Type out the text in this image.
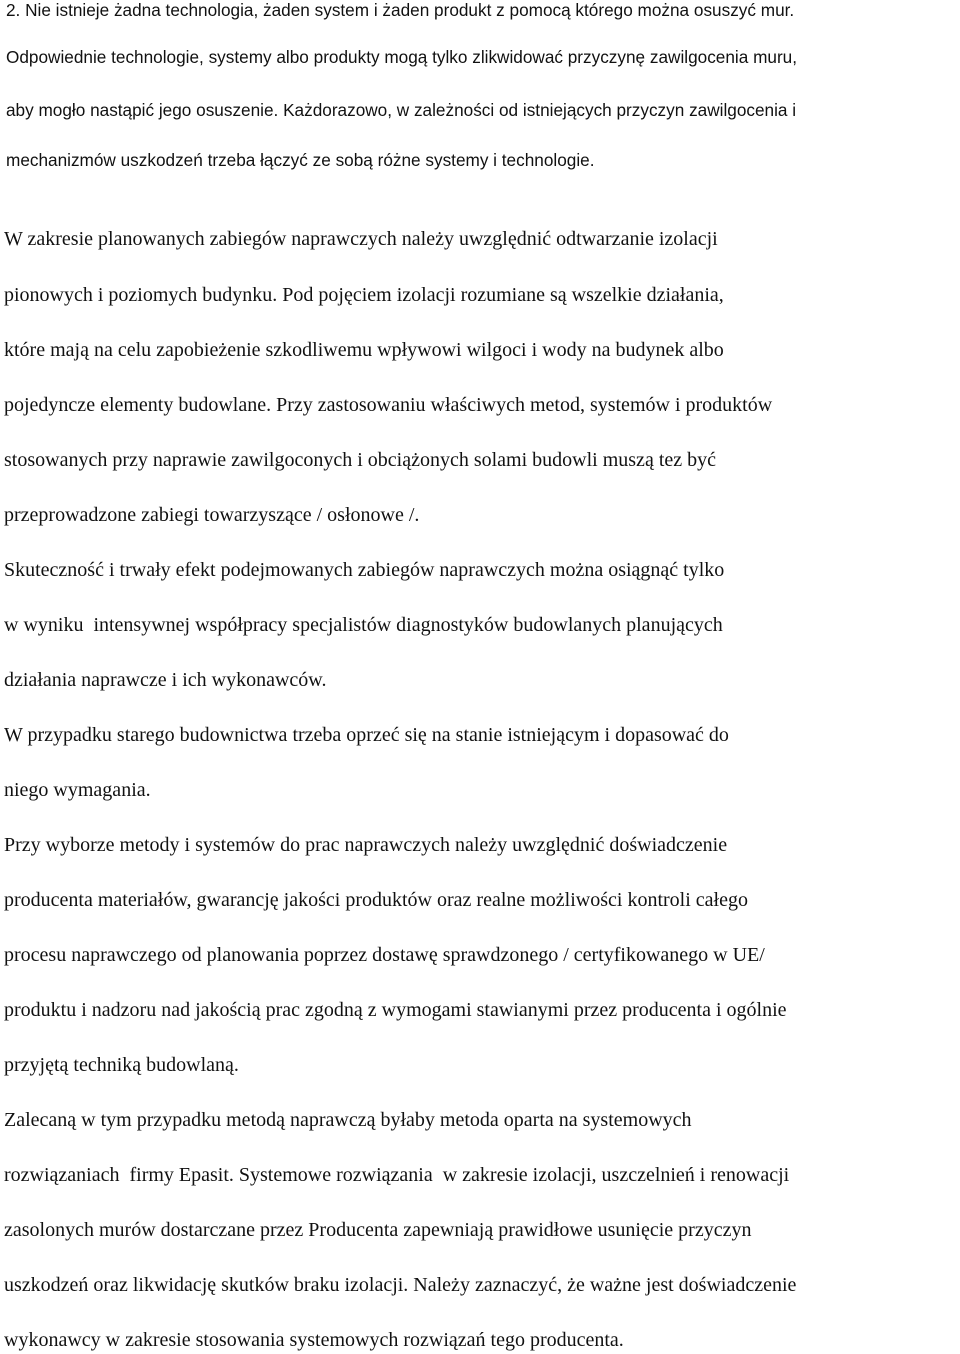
2. Nie istnieje żadna technologia, żaden system i żaden produkt z pomocą którego można osuszyć mur.
Odpowiednie technologie, systemy albo produkty mogą tylko zlikwidować przyczynę zawilgocenia muru,
aby mogło nastąpić jego osuszenie. Każdorazowo, w zależności od istniejących przyczyn zawilgocenia i
mechanizmów uszkodzeń trzeba łączyć ze sobą różne systemy i technologie.
W zakresie planowanych zabiegów naprawczych należy uwzględnić odtwarzanie izolacji
pionowych i poziomych budynku. Pod pojęciem izolacji rozumiane są wszelkie działania,
które mają na celu zapobieżenie szkodliwemu wpływowi wilgoci i wody na budynek albo
pojedyncze elementy budowlane. Przy zastosowaniu właściwych metod, systemów i produktów
stosowanych przy naprawie zawilgoconych i obciążonych solami budowli muszą tez być
przeprowadzone zabiegi towarzyszące / osłonowe /.
Skuteczność i trwały efekt podejmowanych zabiegów naprawczych można osiągnąć tylko
w wyniku  intensywnej współpracy specjalistów diagnostyków budowlanych planujących
działania naprawcze i ich wykonawców.
W przypadku starego budownictwa trzeba oprzeć się na stanie istniejącym i dopasować do
niego wymagania.
Przy wyborze metody i systemów do prac naprawczych należy uwzględnić doświadczenie
producenta materiałów, gwarancję jakości produktów oraz realne możliwości kontroli całego
procesu naprawczego od planowania poprzez dostawę sprawdzonego / certyfikowanego w UE/
produktu i nadzoru nad jakością prac zgodną z wymogami stawianymi przez producenta i ogólnie
przyjętą techniką budowlaną.
Zalecaną w tym przypadku metodą naprawczą byłaby metoda oparta na systemowych
rozwiązaniach  firmy Epasit. Systemowe rozwiązania  w zakresie izolacji, uszczelnień i renowacji
zasolonych murów dostarczane przez Producenta zapewniają prawidłowe usunięcie przyczyn
uszkodzeń oraz likwidację skutków braku izolacji. Należy zaznaczyć, że ważne jest doświadczenie
wykonawcy w zakresie stosowania systemowych rozwiązań tego producenta.
